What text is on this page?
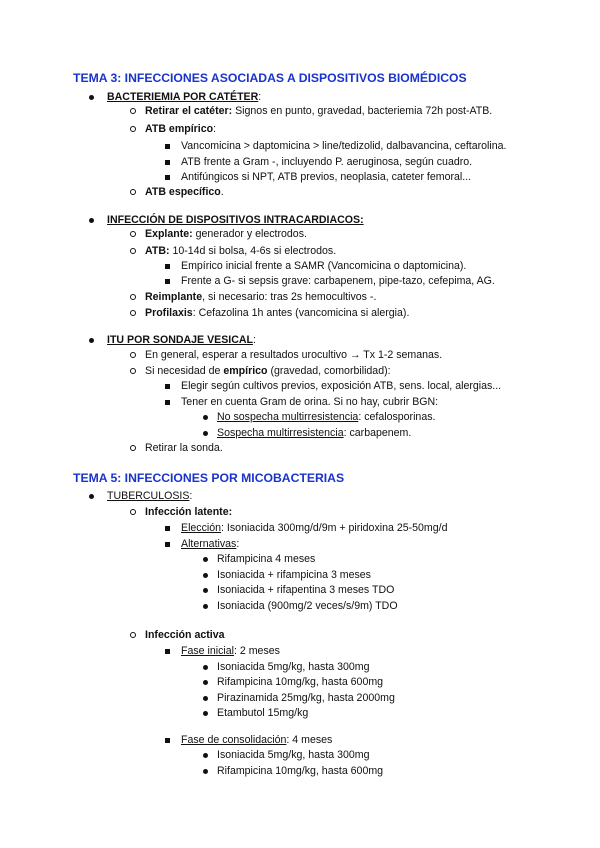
TEMA 3: INFECCIONES ASOCIADAS A DISPOSITIVOS BIOMÉDICOS
BACTERIEMIA POR CATÉTER:
Retirar el catéter: Signos en punto, gravedad, bacteriemia 72h post-ATB.
ATB empírico:
Vancomicina > daptomicina > line/tedizolid, dalbavancina, ceftarolina.
ATB frente a Gram -, incluyendo P. aeruginosa, según cuadro.
Antifúngicos si NPT, ATB previos, neoplasia, cateter femoral...
ATB específico.
INFECCIÓN DE DISPOSITIVOS INTRACARDIACOS:
Explante: generador y electrodos.
ATB: 10-14d si bolsa, 4-6s si electrodos.
Empírico inicial frente a SAMR (Vancomicina o daptomicina).
Frente a G- si sepsis grave: carbapenem, pipe-tazo, cefepima, AG.
Reimplante, si necesario: tras 2s hemocultivos -.
Profilaxis: Cefazolina 1h antes (vancomicina si alergia).
ITU POR SONDAJE VESICAL:
En general, esperar a resultados urocultivo → Tx 1-2 semanas.
Si necesidad de empírico (gravedad, comorbilidad):
Elegir según cultivos previos, exposición ATB, sens. local, alergias...
Tener en cuenta Gram de orina. Si no hay, cubrir BGN:
No sospecha multirresistencia: cefalosporinas.
Sospecha multirresistencia: carbapenem.
Retirar la sonda.
TEMA 5: INFECCIONES POR MICOBACTERIAS
TUBERCULOSIS:
Infección latente:
Elección: Isoniacida 300mg/d/9m + piridoxina 25-50mg/d
Alternativas:
Rifampicina 4 meses
Isoniacida + rifampicina 3 meses
Isoniacida + rifapentina 3 meses TDO
Isoniacida (900mg/2 veces/s/9m) TDO
Infección activa
Fase inicial: 2 meses
Isoniacida 5mg/kg, hasta 300mg
Rifampicina 10mg/kg, hasta 600mg
Pirazinamida 25mg/kg, hasta 2000mg
Etambutol 15mg/kg
Fase de consolidación: 4 meses
Isoniacida 5mg/kg, hasta 300mg
Rifampicina 10mg/kg, hasta 600mg
